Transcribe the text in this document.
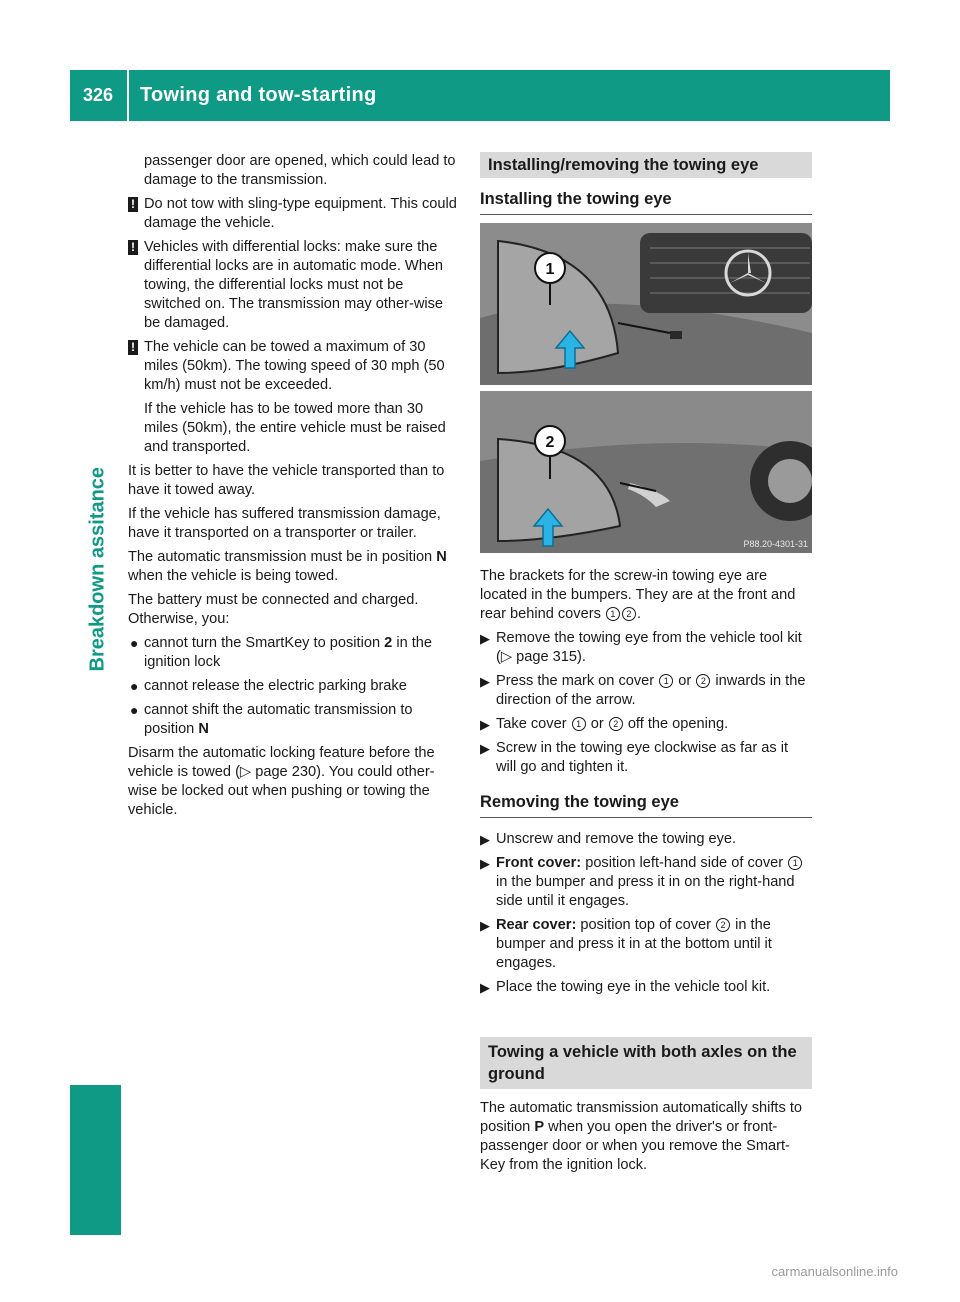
326	Towing and tow-starting
Breakdown assitance

passenger door are opened, which could lead to damage to the transmission.

! Do not tow with sling-type equipment. This could damage the vehicle.

! Vehicles with differential locks: make sure the differential locks are in automatic mode. When towing, the differential locks must not be switched on. The transmission may other-wise be damaged.

! The vehicle can be towed a maximum of 30 miles (50km). The towing speed of 30 mph (50 km/h) must not be exceeded.

If the vehicle has to be towed more than 30 miles (50km), the entire vehicle must be raised and transported.

It is better to have the vehicle transported than to have it towed away.

If the vehicle has suffered transmission damage, have it transported on a transporter or trailer.

The automatic transmission must be in position N when the vehicle is being towed.

The battery must be connected and charged. Otherwise, you:

● cannot turn the SmartKey to position 2 in the ignition lock
● cannot release the electric parking brake
● cannot shift the automatic transmission to position N

Disarm the automatic locking feature before the vehicle is towed (▷ page 230). You could other-wise be locked out when pushing or towing the vehicle.

Installing/removing the towing eye
Installing the towing eye
1
2
P88.20-4301-31

The brackets for the screw-in towing eye are located in the bumpers. They are at the front and rear behind covers 1 2 .

▶ Remove the towing eye from the vehicle tool kit (▷ page 315).
▶ Press the mark on cover 1 or 2 inwards in the direction of the arrow.
▶ Take cover 1 or 2 off the opening.
▶ Screw in the towing eye clockwise as far as it will go and tighten it.
Removing the towing eye
▶ Unscrew and remove the towing eye.
▶ Front cover: position left-hand side of cover 1 in the bumper and press it in on the right-hand side until it engages.
▶ Rear cover: position top of cover 2 in the bumper and press it in at the bottom until it engages.
▶ Place the towing eye in the vehicle tool kit.
Towing a vehicle with both axles on the ground

The automatic transmission automatically shifts to position P when you open the driver's or front-passenger door or when you remove the Smart-Key from the ignition lock.

carmanualsonline.info
